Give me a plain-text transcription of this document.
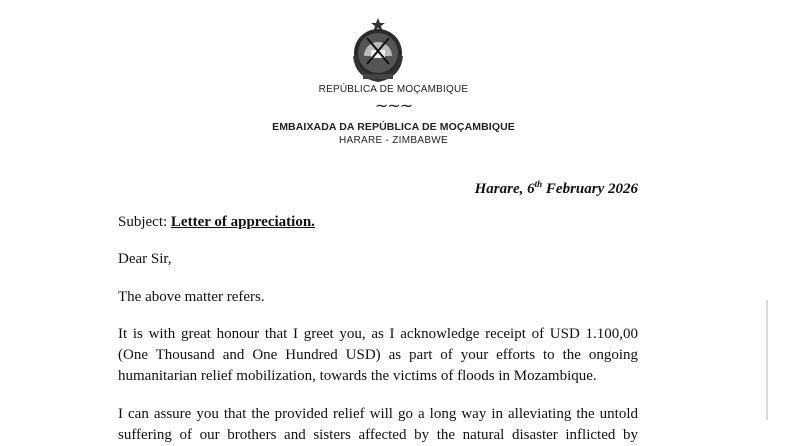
REPÚBLICA DE MOÇAMBIQUE
~~~
EMBAIXADA DA REPÚBLICA DE MOÇAMBIQUE
HARARE - ZIMBABWE
Harare, 6th February 2026
Subject: Letter of appreciation.
Dear Sir,
The above matter refers.
It is with great honour that I greet you, as I acknowledge receipt of USD 1.100,00
(One Thousand and One Hundred USD) as part of your efforts to the ongoing
humanitarian relief mobilization, towards the victims of floods in Mozambique.
I can assure you that the provided relief will go a long way in alleviating the untold
suffering of our brothers and sisters affected by the natural disaster inflicted by
